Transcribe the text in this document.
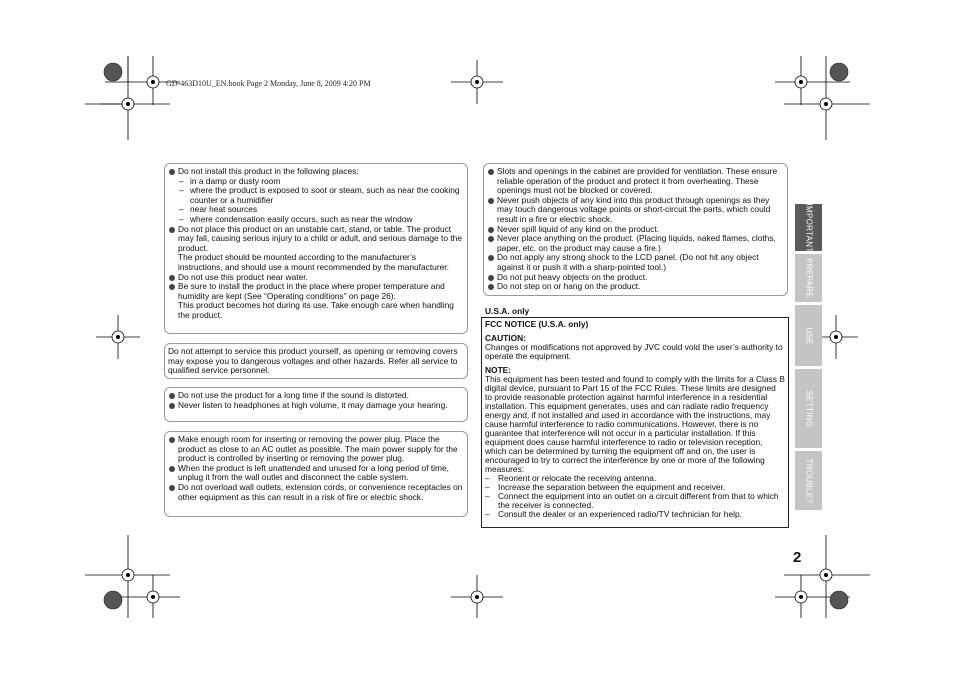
GD-463D10U_EN.book Page 2 Monday, June 8, 2009 4:20 PM

Do not install this product in the following places:

– in a damp or dusty room

– where the product is exposed to soot or steam, such as near the cooking counter or a humidifier

– near heat sources

– where condensation easily occurs, such as near the window

Do not place this product on an unstable cart, stand, or table. The product may fall, causing serious injury to a child or adult, and serious damage to the product.

The product should be mounted according to the manufacturer’s instructions, and should use a mount recommended by the manufacturer.

Do not use this product near water.

Be sure to install the product in the place where proper temperature and humidity are kept (See “Operating conditions” on page 26).

This product becomes hot during its use. Take enough care when handling the product.

Do not attempt to service this product yourself, as opening or removing covers may expose you to dangerous voltages and other hazards. Refer all service to qualified service personnel.

Do not use the product for a long time if the sound is distorted.

Never listen to headphones at high volume, it may damage your hearing.

Make enough room for inserting or removing the power plug. Place the product as close to an AC outlet as possible. The main power supply for the product is controlled by inserting or removing the power plug.

When the product is left unattended and unused for a long period of time, unplug it from the wall outlet and disconnect the cable system.

Do not overload wall outlets, extension cords, or convenience receptacles on other equipment as this can result in a risk of fire or electric shock.

Slots and openings in the cabinet are provided for ventilation. These ensure reliable operation of the product and protect it from overheating. These openings must not be blocked or covered.

Never push objects of any kind into this product through openings as they may touch dangerous voltage points or short-circuit the parts, which could result in a fire or electric shock.

Never spill liquid of any kind on the product.

Never place anything on the product. (Placing liquids, naked flames, cloths, paper, etc. on the product may cause a fire.)

Do not apply any strong shock to the LCD panel. (Do not hit any object against it or push it with a sharp-pointed tool.)

Do not put heavy objects on the product.

Do not step on or hang on the product.

U.S.A. only

FCC NOTICE (U.S.A. only)

CAUTION:

Changes or modifications not approved by JVC could void the user’s authority to operate the equipment.

NOTE:

This equipment has been tested and found to comply with the limits for a Class B digital device, pursuant to Part 15 of the FCC Rules. These limits are designed to provide reasonable protection against harmful interference in a residential installation. This equipment generates, uses and can radiate radio frequency energy and, if not installed and used in accordance with the instructions, may cause harmful interference to radio communications. However, there is no guarantee that interference will not occur in a particular installation. If this equipment does cause harmful interference to radio or television reception, which can be determined by turning the equipment off and on, the user is encouraged to try to correct the interference by one or more of the following measures:

– Reorient or relocate the receiving antenna.

– Increase the separation between the equipment and receiver.

– Connect the equipment into an outlet on a circuit different from that to which the receiver is connected.

– Consult the dealer or an experienced radio/TV technician for help.

IMPORTANT
PREPARE
USE
SETTING
TROUBLE?
2
